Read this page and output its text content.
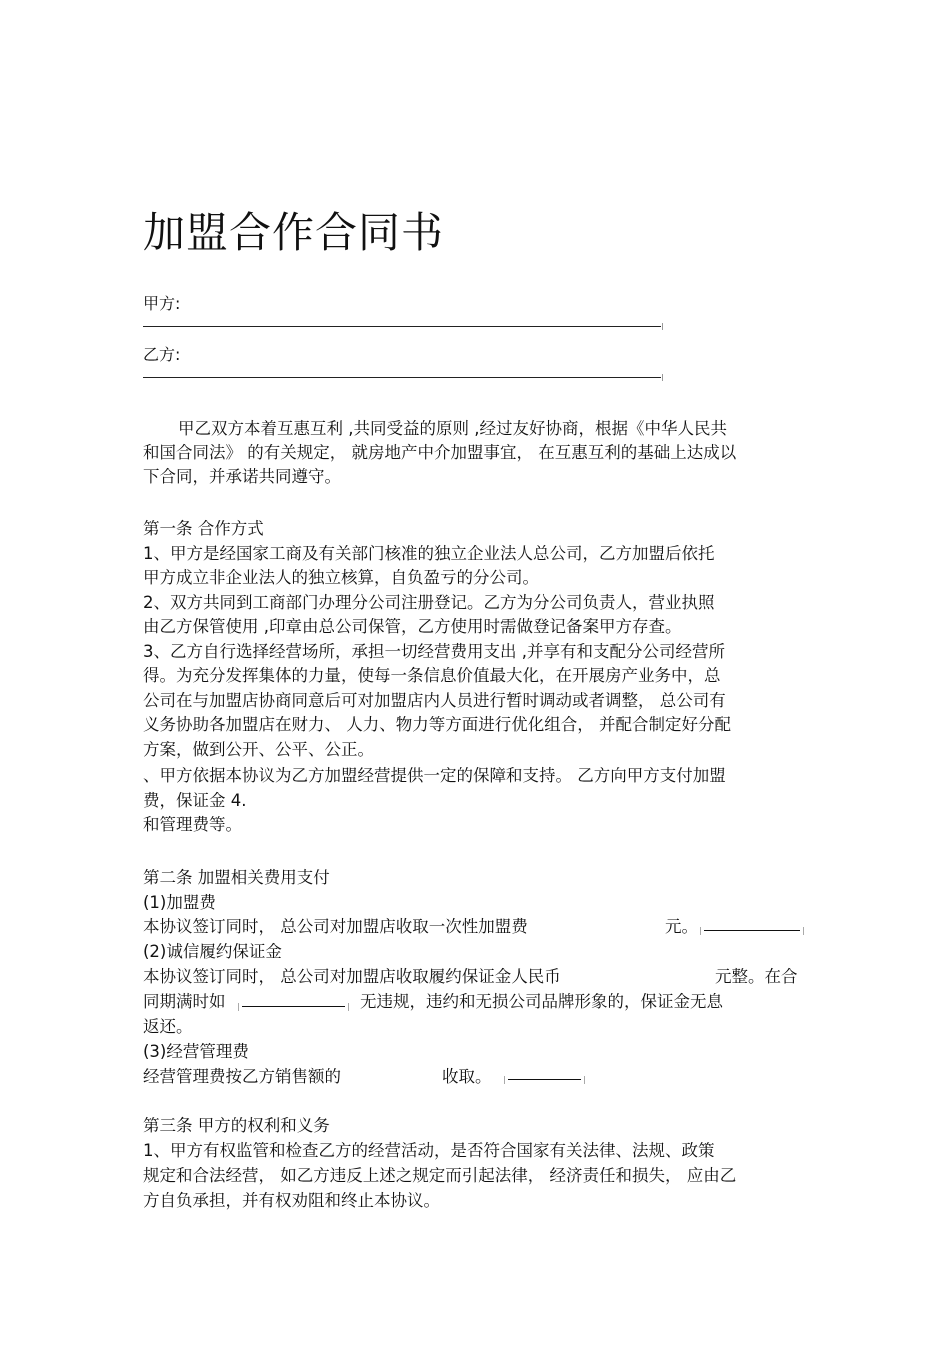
加盟合作合同书
甲方:
乙方:
甲乙双方本着互惠互利 ,共同受益的原则 ,经过友好协商，根据《中华人民共
和国合同法》 的有关规定， 就房地产中介加盟事宜， 在互惠互利的基础上达成以
下合同，并承诺共同遵守。
第一条 合作方式
1、甲方是经国家工商及有关部门核准的独立企业法人总公司，乙方加盟后依托
甲方成立非企业法人的独立核算，自负盈亏的分公司。
2、双方共同到工商部门办理分公司注册登记。乙方为分公司负责人，营业执照
由乙方保管使用 ,印章由总公司保管，乙方使用时需做登记备案甲方存查。
3、乙方自行选择经营场所，承担一切经营费用支出 ,并享有和支配分公司经营所
得。为充分发挥集体的力量，使每一条信息价值最大化，在开展房产业务中，总
公司在与加盟店协商同意后可对加盟店内人员进行暂时调动或者调整， 总公司有
义务协助各加盟店在财力、 人力、物力等方面进行优化组合， 并配合制定好分配
方案，做到公开、公平、公正。
、甲方依据本协议为乙方加盟经营提供一定的保障和支持。 乙方向甲方支付加盟
费，保证金 4.
和管理费等。
第二条 加盟相关费用支付
(1)加盟费
本协议签订同时， 总公司对加盟店收取一次性加盟费	元。
(2)诚信履约保证金
本协议签订同时， 总公司对加盟店收取履约保证金人民币	元整。在合
同期满时如	无违规，违约和无损公司品牌形象的，保证金无息
返还。
(3)经营管理费
经营管理费按乙方销售额的	收取。
第三条 甲方的权利和义务
1、甲方有权监管和检查乙方的经营活动，是否符合国家有关法律、法规、政策
规定和合法经营， 如乙方违反上述之规定而引起法律， 经济责任和损失， 应由乙
方自负承担，并有权劝阻和终止本协议。
